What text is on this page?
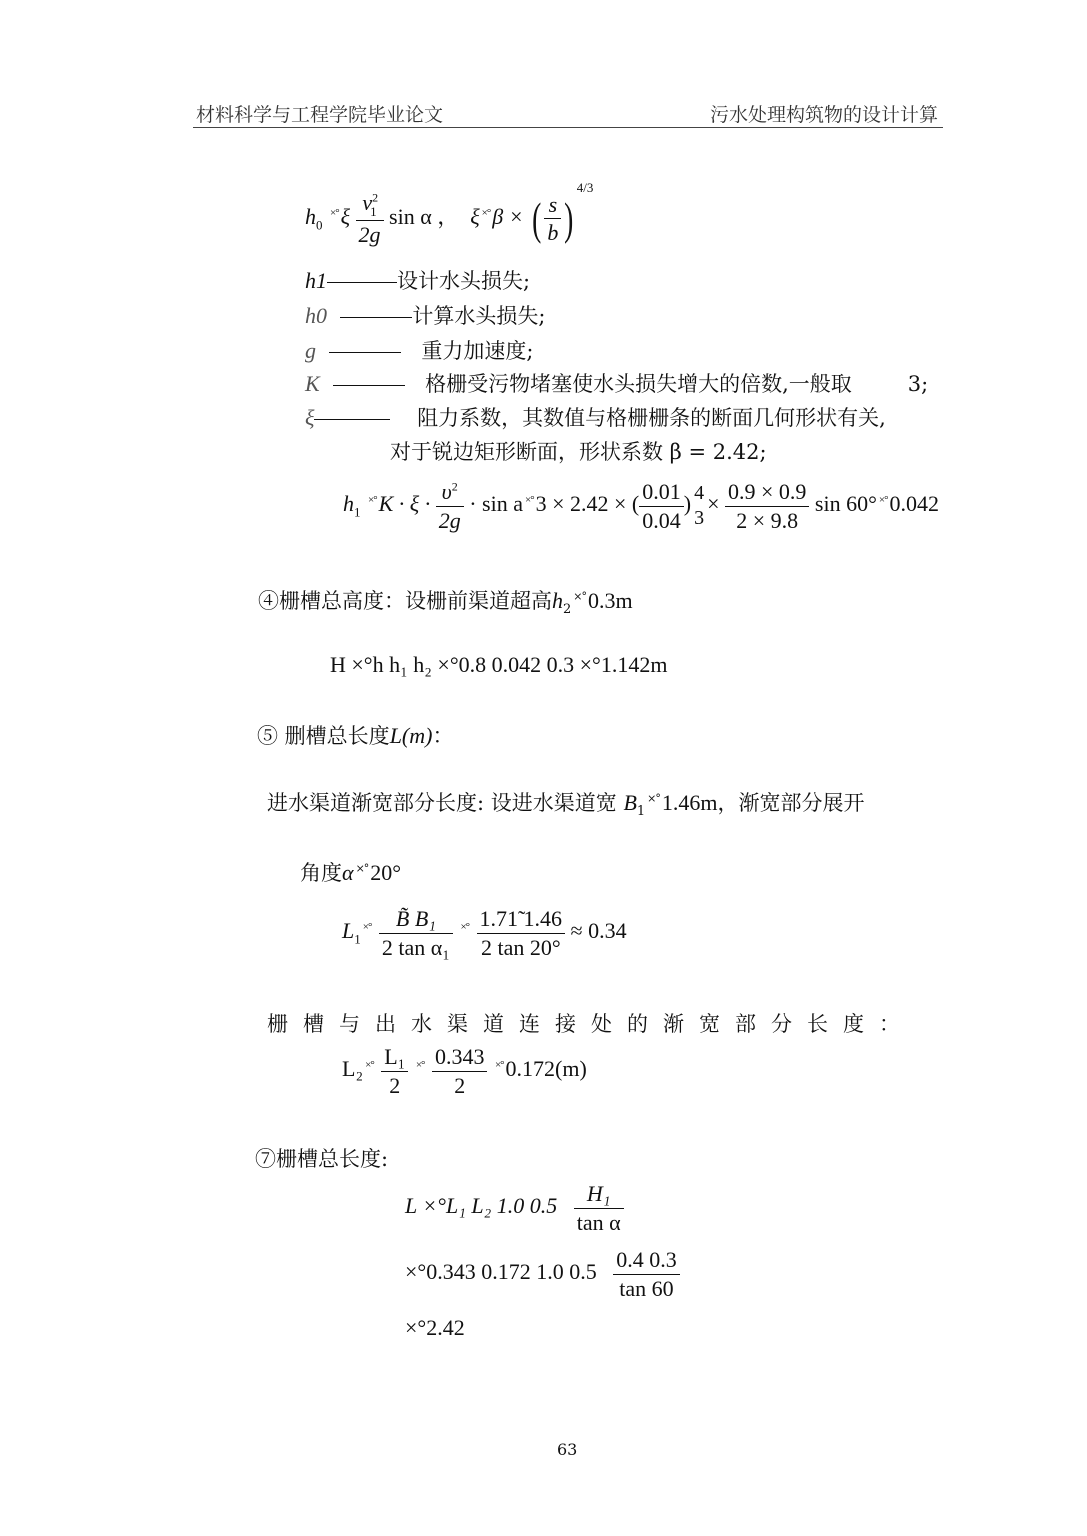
材料科学与工程学院毕业论文	污水处理构筑物的设计计算
$h_0$ $^{\times^\circ}\xi \frac{v^2_1}{2g}$ sin α ， ξ ×°β × ( $\frac{s}{b} )^{4/3}$
h1	设计水头损失;
h0	计算水头损失;
g	重力加速度;
K	格栅受污物堵塞使水头损失增大的倍数,一般取	3;
ξ	阻力系数，其数值与格栅栅条的断面几何形状有关,
对于锐边矩形断面，形状系数 β = 2.42;
$h_1$ $^{\times^\circ}K \cdot \xi \cdot \frac{\upsilon^2}{2g} \cdot \sin a$ ×°3 × 2.42 × ( $\frac{0.01}{0.04}$ ) 4
3
× $\frac{0.9 \times 0.9}{2 \times 9.8}$ sin 60° ×°0.042
④栅槽总高度：设栅前渠道超高$h_2^{\times^\circ}0.3m$
H ×°h h₁ h₂ ×°0.8 0.042 0.3 ×°1.142m
⑤ 删槽总长度L(m)：
进水渠道渐宽部分长度: 设进水渠道宽 $B_1^{\times^\circ}1.46m$，渐宽部分展开
角度α ×°20°
$L_1^{\times^\circ} \frac{\text{B̃ B₁}}{\text{2 tan α₁}} ^{\times^\circ} \frac{1.71̃ 1.46}{2 \tan 20^\circ} \approx 0.34$
栅槽与出水渠道连接处的渐宽部分长度：
L₂ $^{\times^\circ} \frac{\text{L₁}}{2} ^{\times^\circ} \frac{0.343}{2} ^{\times^\circ}0.172(m)$
⑦栅槽总长度:
L ×°L₁ L₂ 1.0 $0.5 \frac{\text{H₁}}{\text{tan α}}$
×°0.343 0.172 1.0 $0.5 \frac{0.4 0.3}{\tan 60}$
×°2.42
63
